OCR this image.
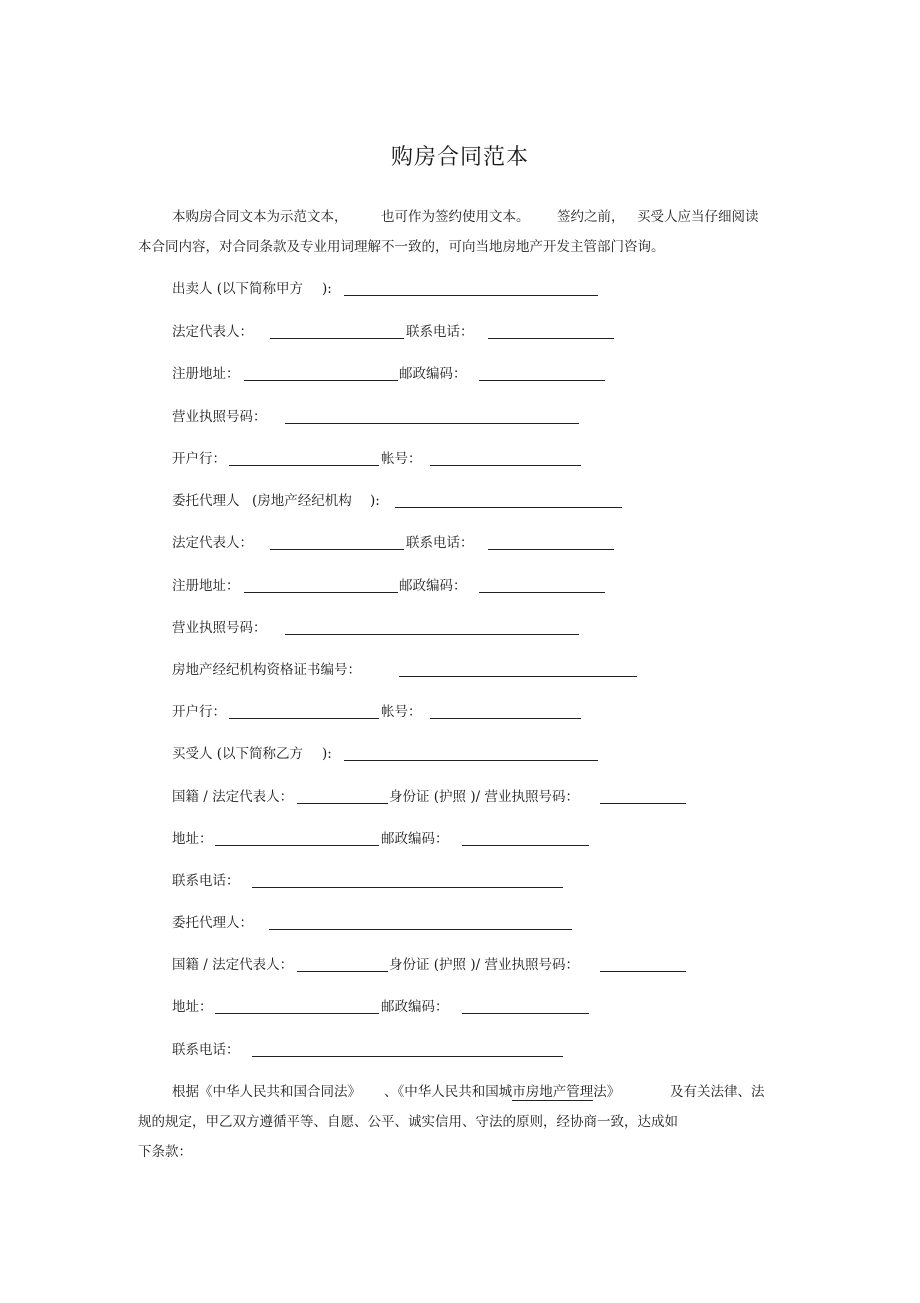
购房合同范本
本购房合同文本为示范文本， 也可作为签约使用文本。 签约之前， 买受人应当仔细阅读
本合同内容，对合同条款及专业用词理解不一致的，可向当地房地产开发主管部门咨询。
出卖人 (以下简称甲方 ):
法定代表人：	联系电话：
注册地址：	邮政编码：
营业执照号码：
开户行：	帐号：
委托代理人 (房地产经纪机构 ):
法定代表人：	联系电话：
注册地址：	邮政编码：
营业执照号码：
房地产经纪机构资格证书编号：
开户行：	帐号：
买受人 (以下简称乙方 ):
国籍 / 法定代表人：	身份证 (护照 )/ 营业执照号码：
地址：	邮政编码：
联系电话：
委托代理人：
国籍 / 法定代表人：	身份证 (护照 )/ 营业执照号码：
地址：	邮政编码：
联系电话：
根据《中华人民共和国合同法》 、《中华人民共和国城市房地产管理法》	及有关法律、法
规的规定，甲乙双方遵循平等、自愿、公平、诚实信用、守法的原则，经协商一致，达成如
下条款：
